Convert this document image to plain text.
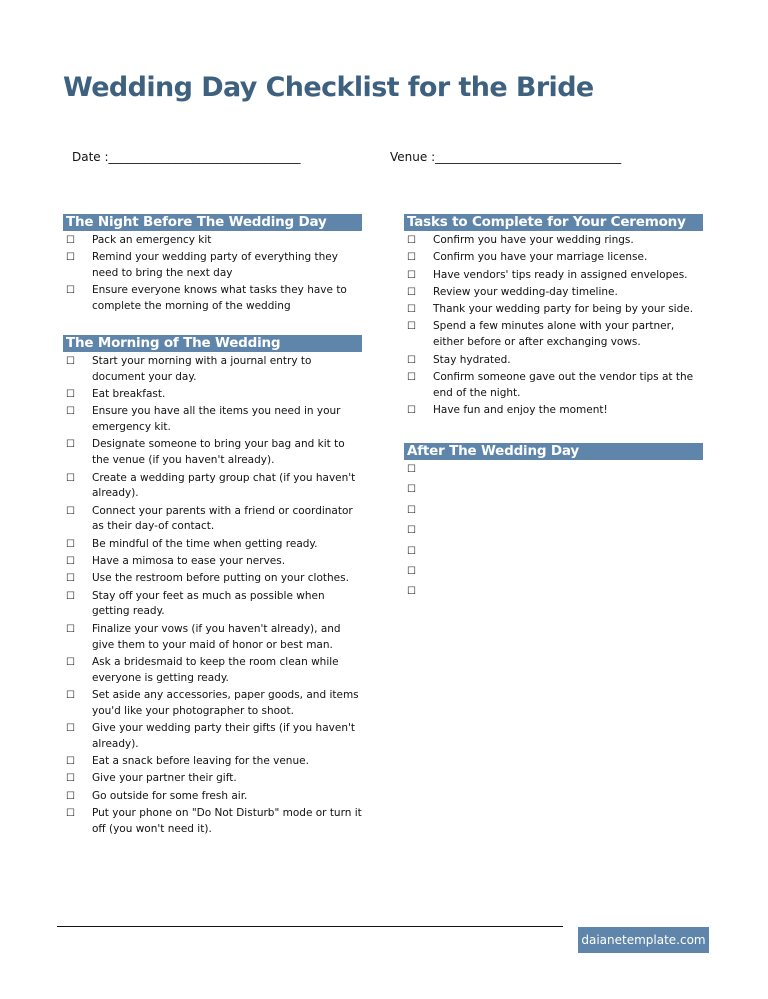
Wedding Day Checklist for the Bride
Date :________________________________	Venue :_______________________________
The Night Before The Wedding Day
☐	Pack an emergency kit
☐	Remind your wedding party of everything they need to bring the next day
☐	Ensure everyone knows what tasks they have to complete the morning of the wedding
The Morning of The Wedding
☐	Start your morning with a journal entry to document your day.
☐	Eat breakfast.
☐	Ensure you have all the items you need in your emergency kit.
☐	Designate someone to bring your bag and kit to the venue (if you haven't already).
☐	Create a wedding party group chat (if you haven't already).
☐	Connect your parents with a friend or coordinator as their day-of contact.
☐	Be mindful of the time when getting ready.
☐	Have a mimosa to ease your nerves.
☐	Use the restroom before putting on your clothes.
☐	Stay off your feet as much as possible when getting ready.
☐	Finalize your vows (if you haven't already), and give them to your maid of honor or best man.
☐	Ask a bridesmaid to keep the room clean while everyone is getting ready.
☐	Set aside any accessories, paper goods, and items you'd like your photographer to shoot.
☐	Give your wedding party their gifts (if you haven't already).
☐	Eat a snack before leaving for the venue.
☐	Give your partner their gift.
☐	Go outside for some fresh air.
☐	Put your phone on "Do Not Disturb" mode or turn it off (you won't need it).
Tasks to Complete for Your Ceremony
☐	Confirm you have your wedding rings.
☐	Confirm you have your marriage license.
☐	Have vendors' tips ready in assigned envelopes.
☐	Review your wedding-day timeline.
☐	Thank your wedding party for being by your side.
☐	Spend a few minutes alone with your partner, either before or after exchanging vows.
☐	Stay hydrated.
☐	Confirm someone gave out the vendor tips at the end of the night.
☐	Have fun and enjoy the moment!
After The Wedding Day
☐
☐
☐
☐
☐
☐
☐
daianetemplate.com
